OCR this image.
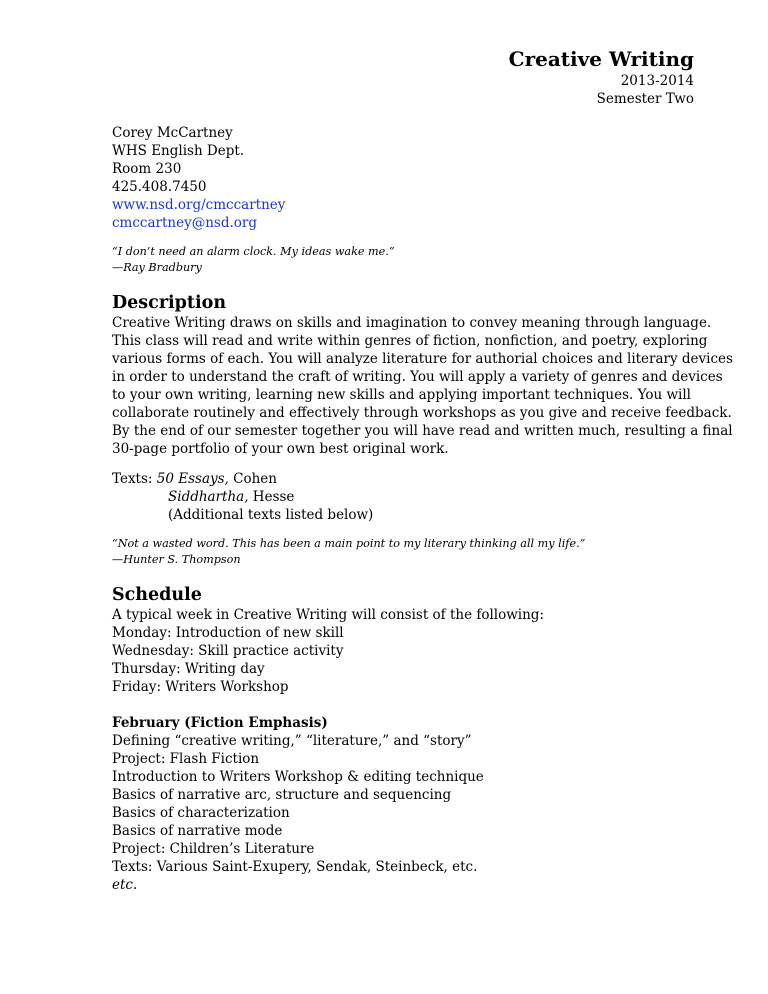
Creative Writing
2013-2014
Semester Two
Corey McCartney
WHS English Dept.
Room 230
425.408.7450
www.nsd.org/cmccartney
cmccartney@nsd.org
“I don’t need an alarm clock. My ideas wake me.”
—Ray Bradbury
Description
Creative Writing draws on skills and imagination to convey meaning through language.
This class will read and write within genres of fiction, nonfiction, and poetry, exploring
various forms of each. You will analyze literature for authorial choices and literary devices
in order to understand the craft of writing. You will apply a variety of genres and devices
to your own writing, learning new skills and applying important techniques. You will
collaborate routinely and effectively through workshops as you give and receive feedback.
By the end of our semester together you will have read and written much, resulting a final
30-page portfolio of your own best original work.
Texts: 50 Essays, Cohen
Siddhartha, Hesse
(Additional texts listed below)
“Not a wasted word. This has been a main point to my literary thinking all my life.”
—Hunter S. Thompson
Schedule
A typical week in Creative Writing will consist of the following:
Monday: Introduction of new skill
Wednesday: Skill practice activity
Thursday: Writing day
Friday: Writers Workshop
February (Fiction Emphasis)
Defining “creative writing,” “literature,” and “story”
Project: Flash Fiction
Introduction to Writers Workshop & editing technique
Basics of narrative arc, structure and sequencing
Basics of characterization
Basics of narrative mode
Project: Children’s Literature
Texts: Various Saint-Exupery, Sendak, Steinbeck, etc.
etc.
